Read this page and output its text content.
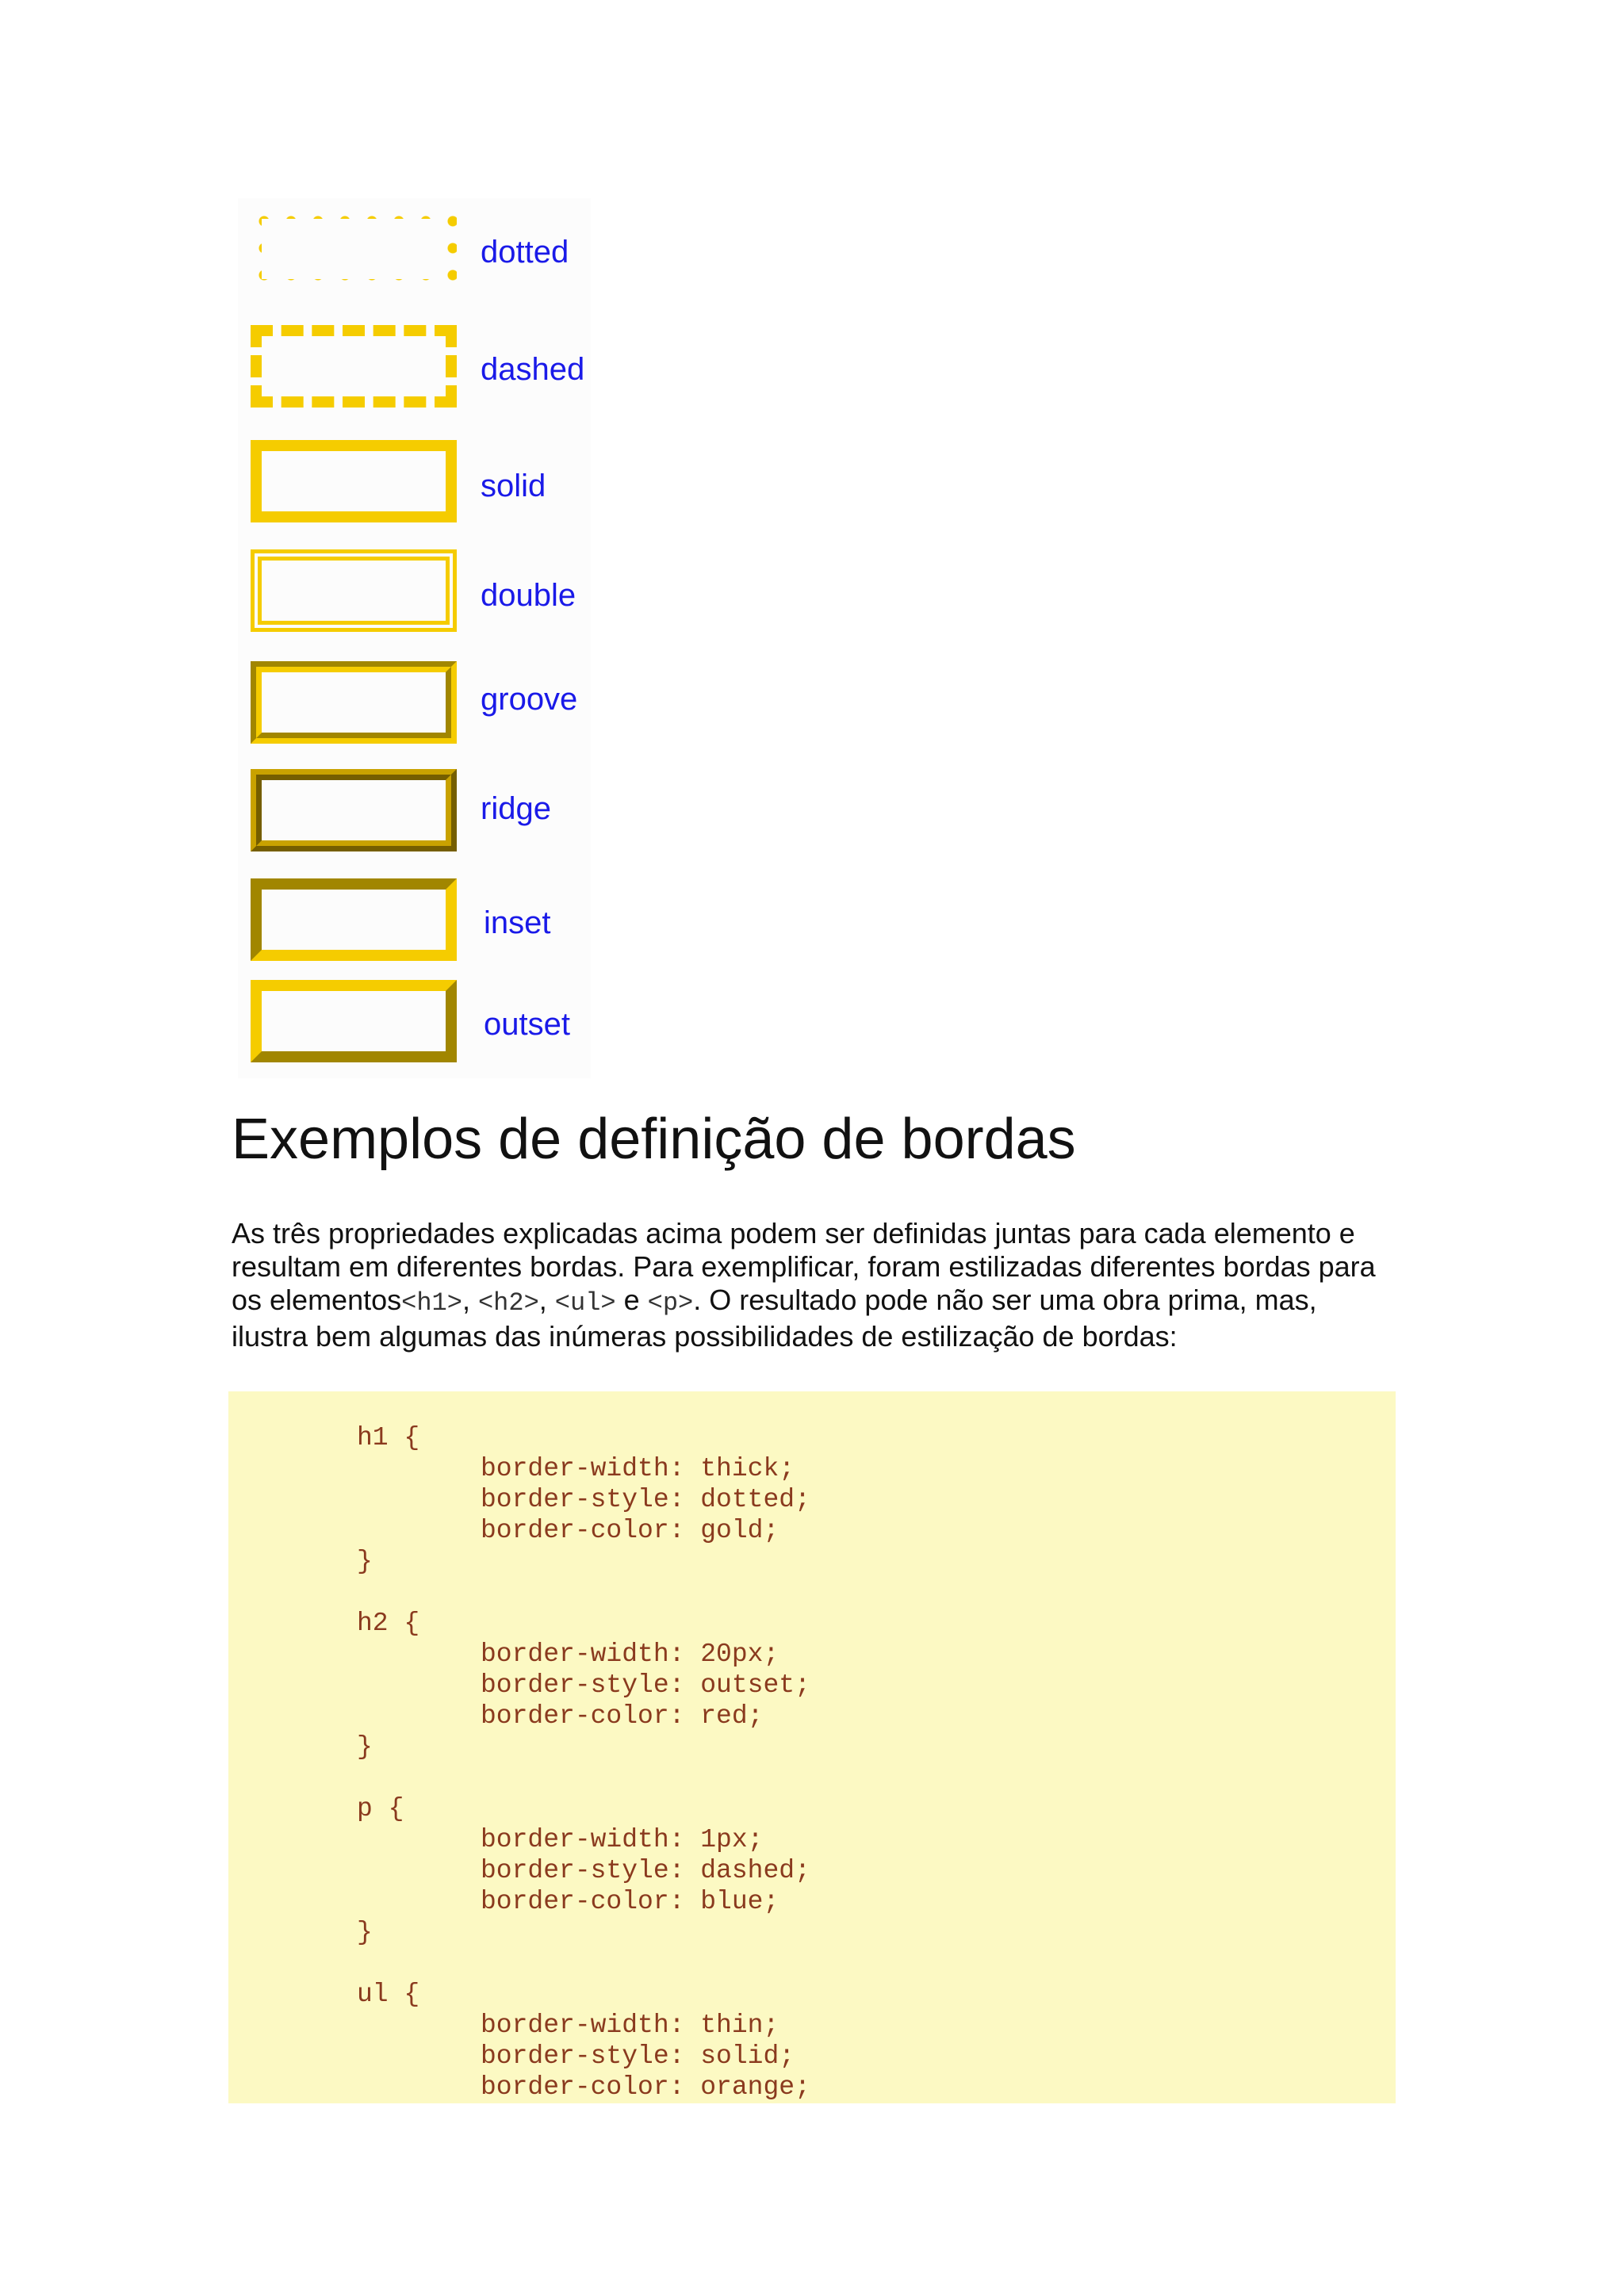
dotted
dashed
solid
double
groove
ridge
inset
outset
Exemplos de definição de bordas

As três propriedades explicadas acima podem ser definidas juntas para cada elemento e resultam em diferentes bordas. Para exemplificar, foram estilizadas diferentes bordas para os elementos<h1>, <h2>, <ul> e <p>. O resultado pode não ser uma obra prima, mas, ilustra bem algumas das inúmeras possibilidades de estilização de bordas:

h1 {
border-width: thick;
border-style: dotted;
border-color: gold;
}
h2 {
border-width: 20px;
border-style: outset;
border-color: red;
}
p {
border-width: 1px;
border-style: dashed;
border-color: blue;
}
ul {
border-width: thin;
border-style: solid;
border-color: orange;
